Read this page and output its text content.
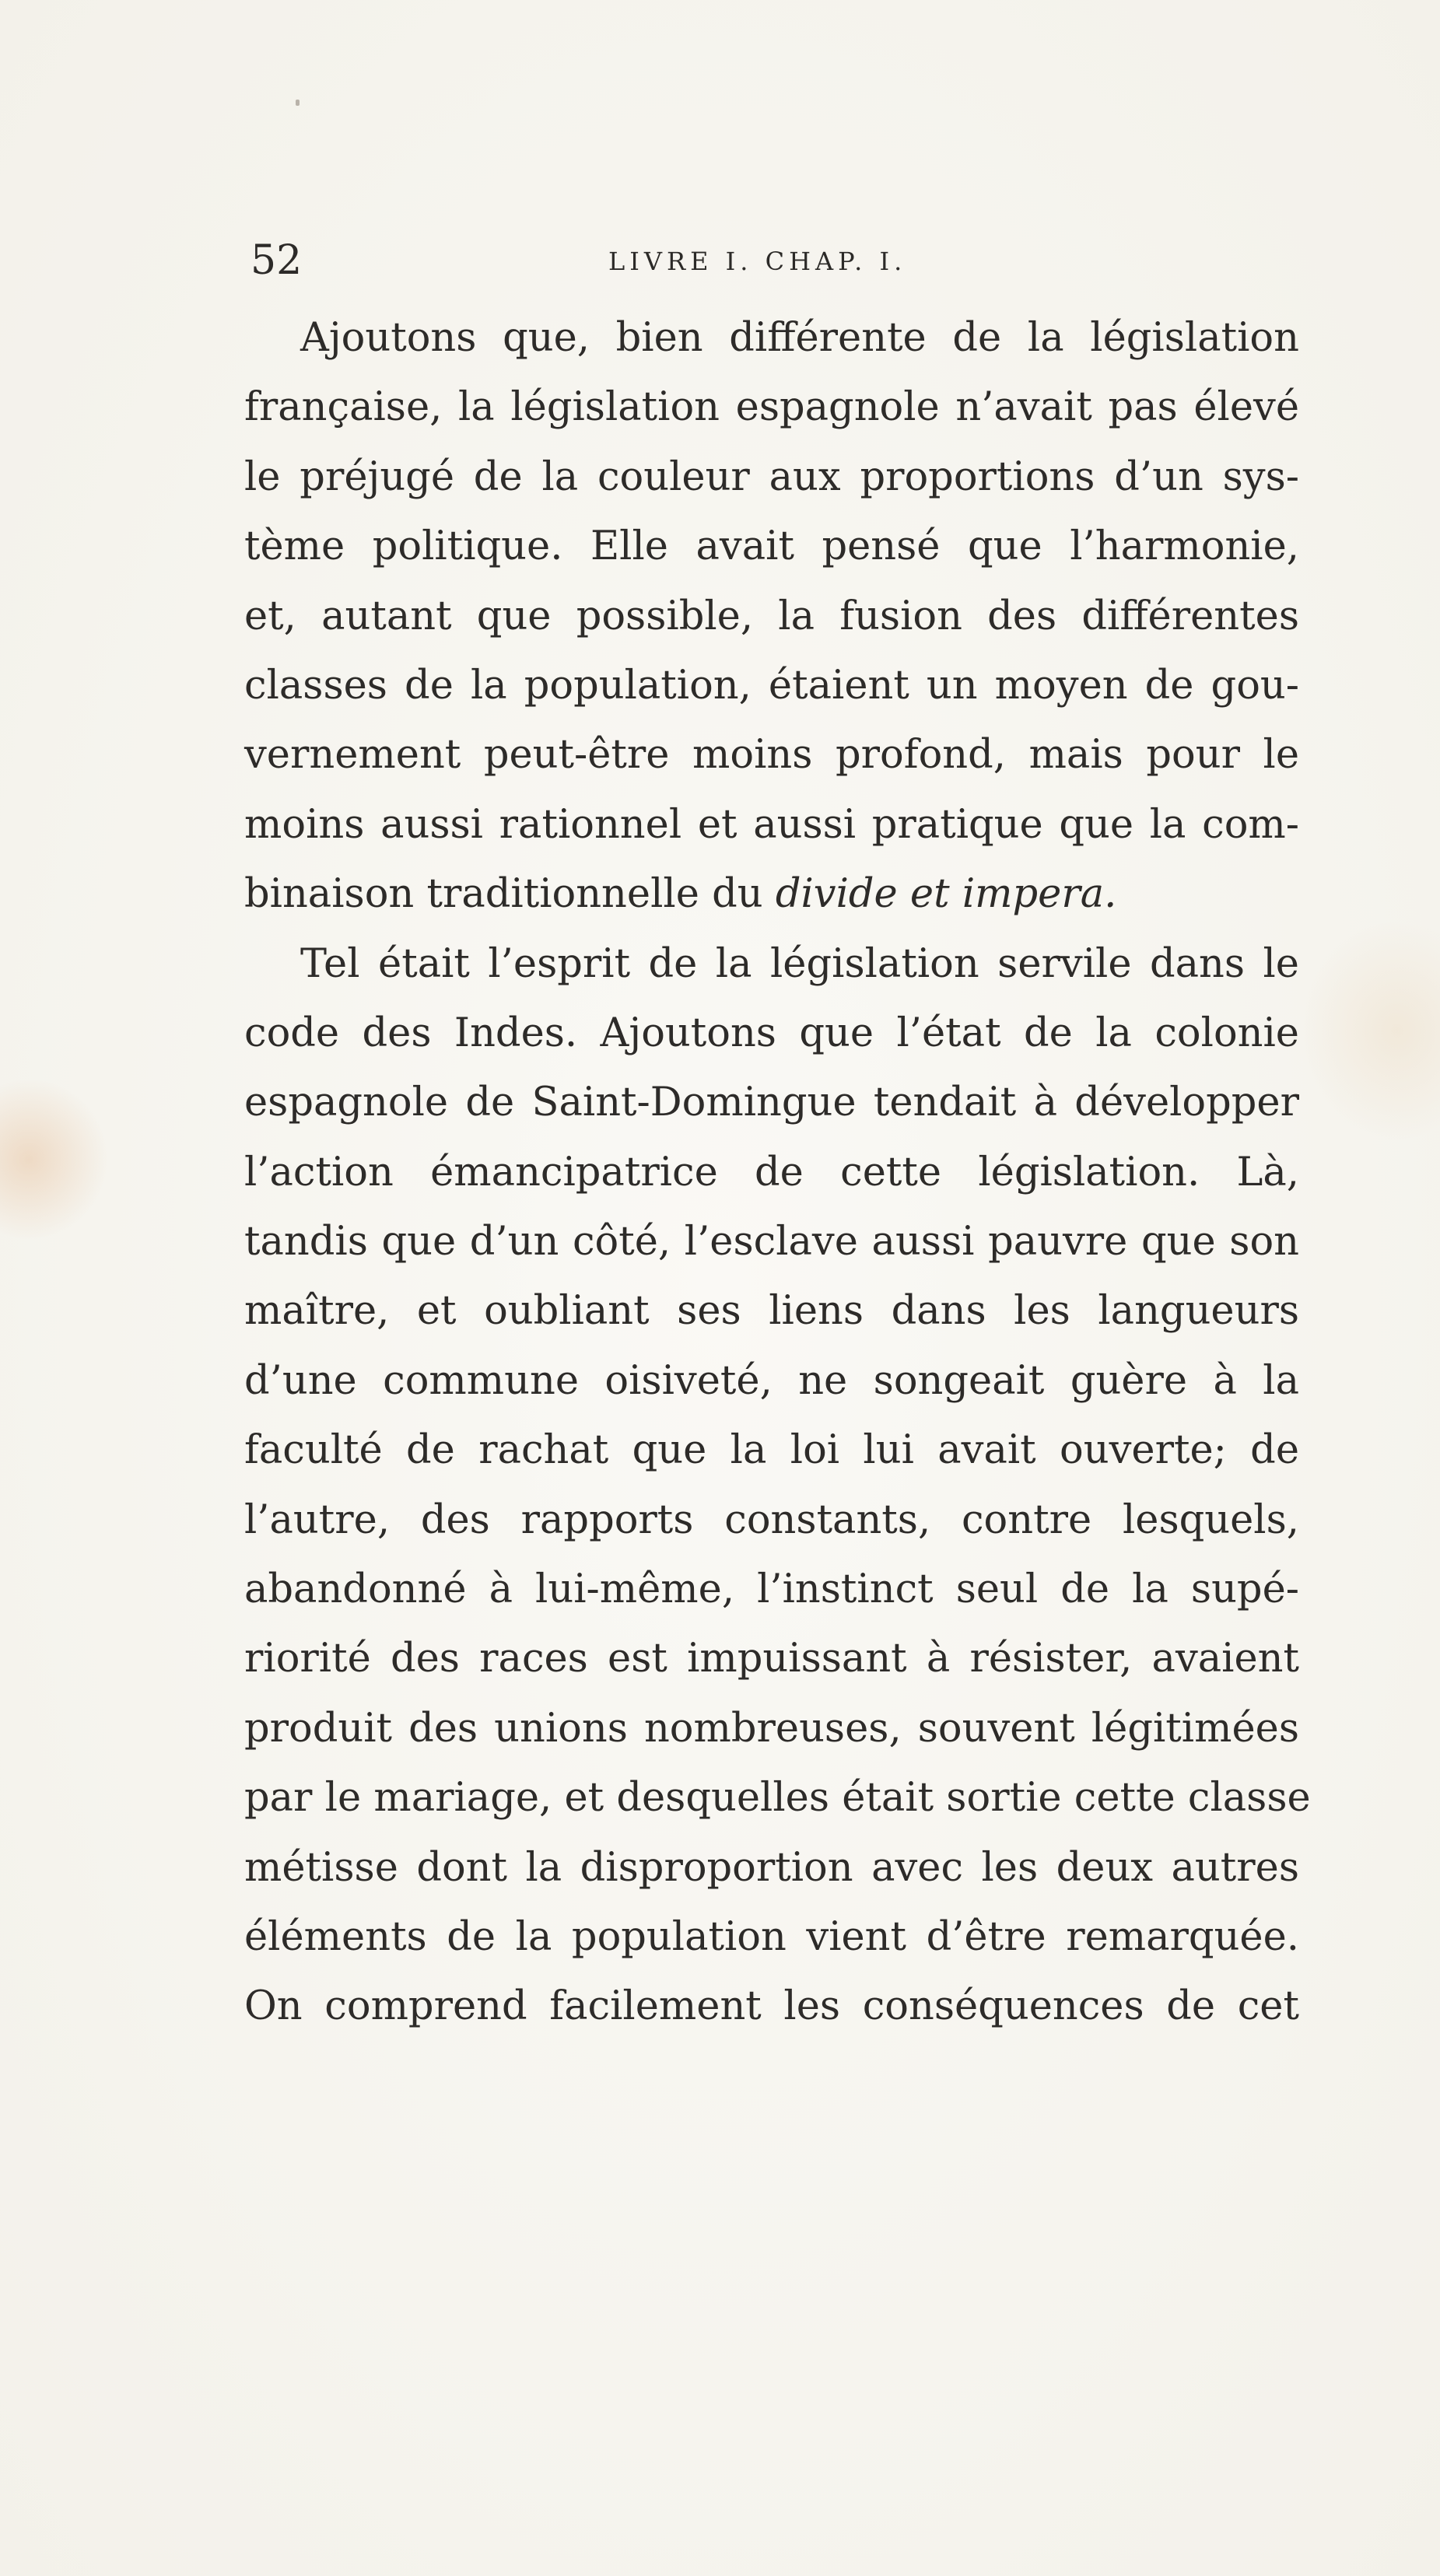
52	LIVRE I. CHAP. I.
Ajoutons que, bien différente de la législation
française, la législation espagnole n’avait pas élevé
le préjugé de la couleur aux proportions d’un sys-
tème politique. Elle avait pensé que l’harmonie,
et, autant que possible, la fusion des différentes
classes de la population, étaient un moyen de gou-
vernement peut-être moins profond, mais pour le
moins aussi rationnel et aussi pratique que la com-
binaison traditionnelle du divide et impera.
Tel était l’esprit de la législation servile dans le
code des Indes. Ajoutons que l’état de la colonie
espagnole de Saint-Domingue tendait à développer
l’action émancipatrice de cette législation. Là,
tandis que d’un côté, l’esclave aussi pauvre que son
maître, et oubliant ses liens dans les langueurs
d’une commune oisiveté, ne songeait guère à la
faculté de rachat que la loi lui avait ouverte; de
l’autre, des rapports constants, contre lesquels,
abandonné à lui-même, l’instinct seul de la supé-
riorité des races est impuissant à résister, avaient
produit des unions nombreuses, souvent légitimées
par le mariage, et desquelles était sortie cette classe
métisse dont la disproportion avec les deux autres
éléments de la population vient d’être remarquée.
On comprend facilement les conséquences de cet
